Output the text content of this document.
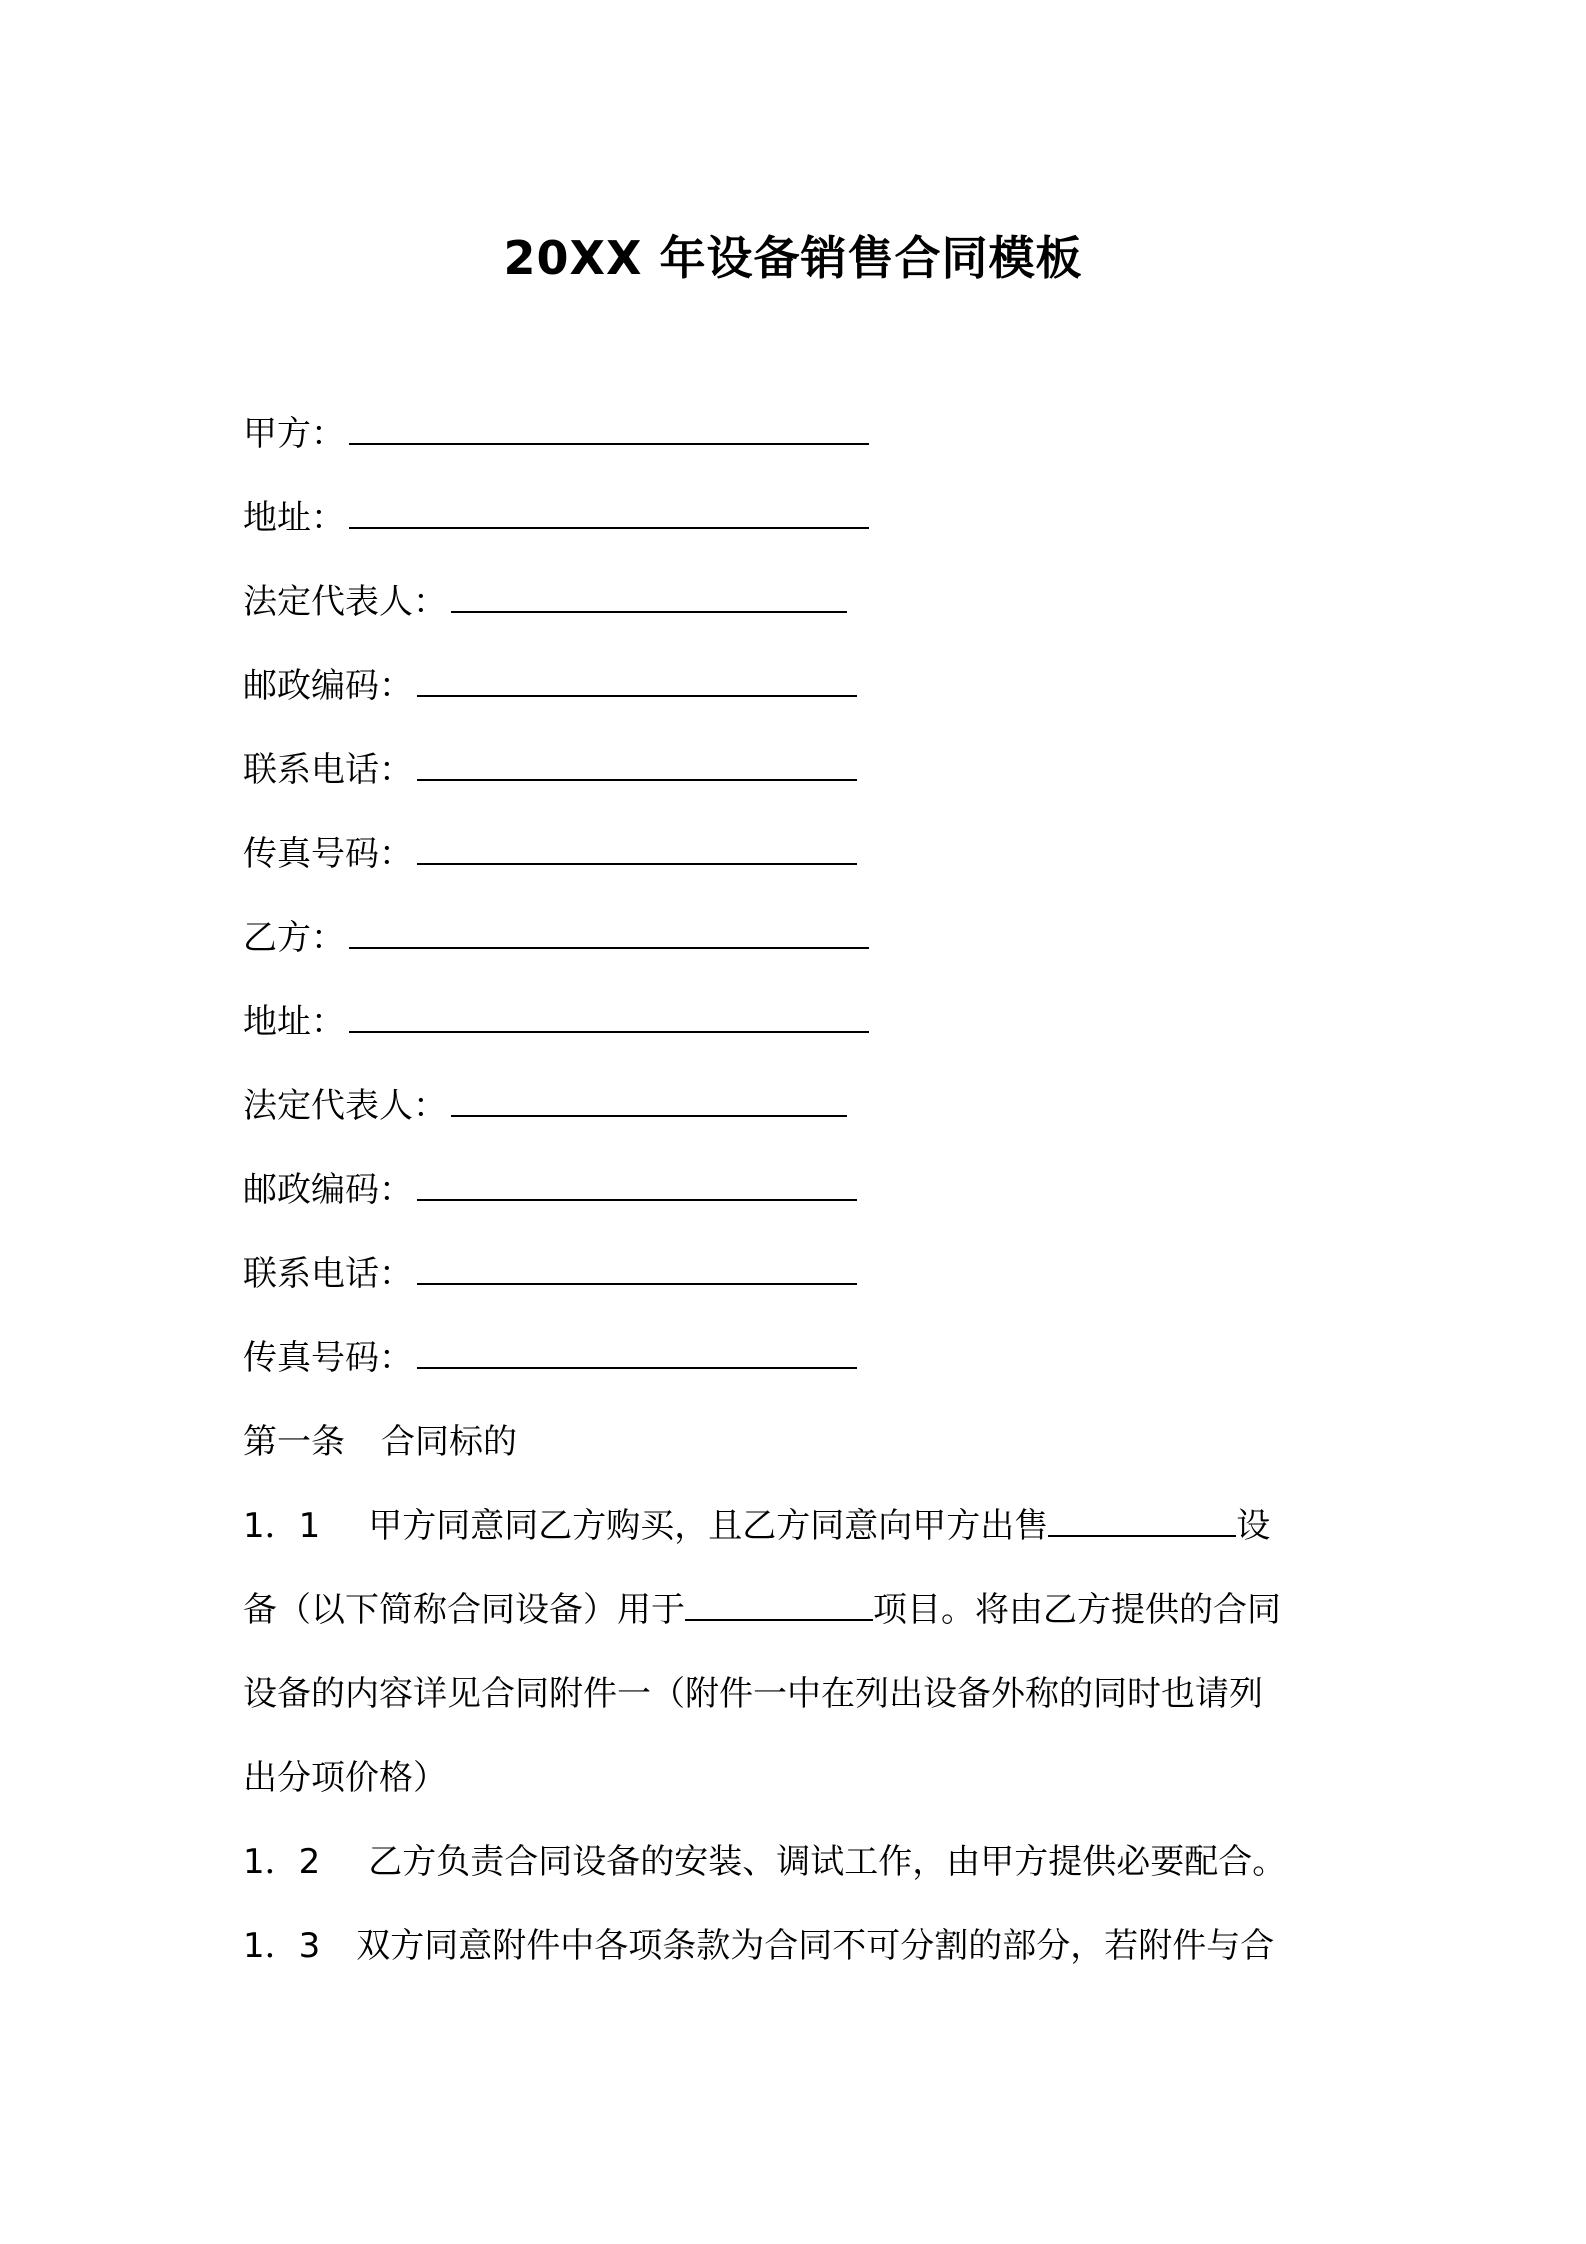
20XX 年设备销售合同模板
甲方：
地址：
法定代表人：
邮政编码：
联系电话：
传真号码：
乙方：
地址：
法定代表人：
邮政编码：
联系电话：
传真号码：
第一条 合同标的
1．1 甲方同意同乙方购买，且乙方同意向甲方出售	设
备（以下简称合同设备）用于	项目。将由乙方提供的合同
设备的内容详见合同附件一（附件一中在列出设备外称的同时也请列
出分项价格）
1．2 乙方负责合同设备的安装、调试工作，由甲方提供必要配合。
1．3 双方同意附件中各项条款为合同不可分割的部分，若附件与合
